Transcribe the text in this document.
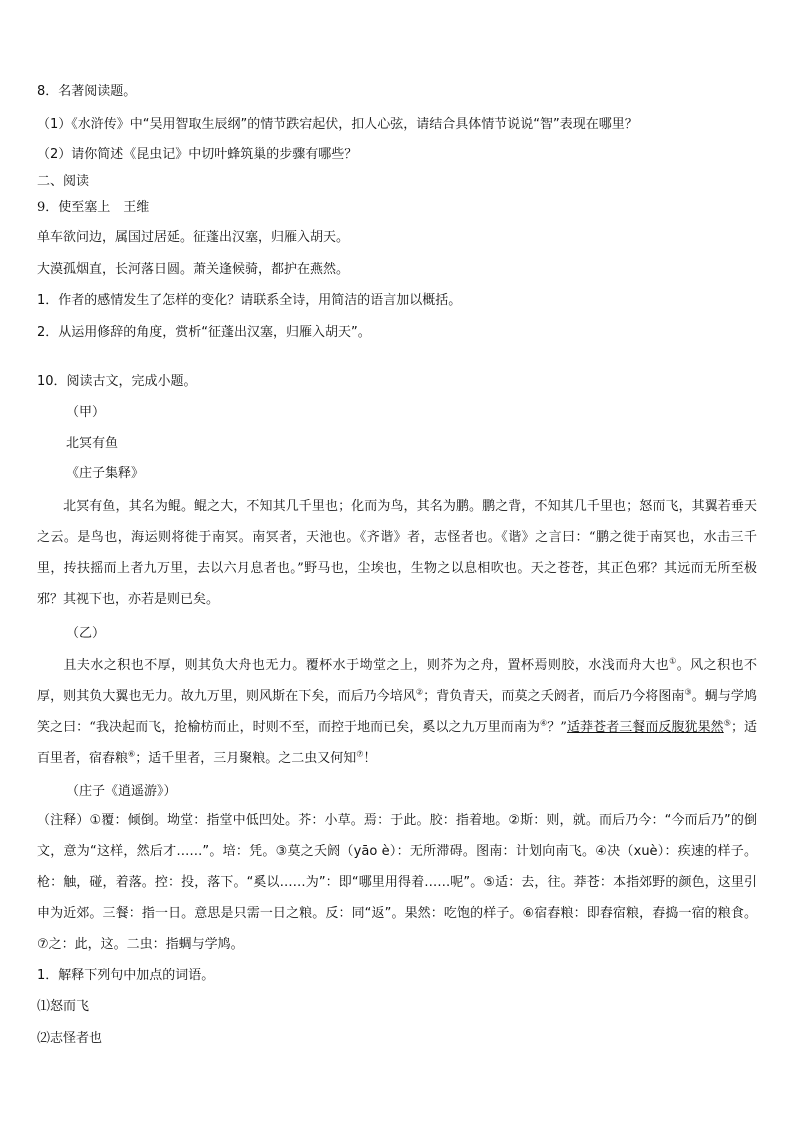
8．名著阅读题。
（1）《水浒传》中“吴用智取生辰纲”的情节跌宕起伏，扣人心弦，请结合具体情节说说“智”表现在哪里？
（2）请你简述《昆虫记》中切叶蜂筑巢的步骤有哪些？
二、阅读
9．使至塞上　王维
单车欲问边，属国过居延。征蓬出汉塞，归雁入胡天。
大漠孤烟直，长河落日圆。萧关逢候骑，都护在燕然。
1．作者的感情发生了怎样的变化？请联系全诗，用简洁的语言加以概括。
2．从运用修辞的角度，赏析“征蓬出汉塞，归雁入胡天”。
10．阅读古文，完成小题。
（甲）
北冥有鱼
《庄子集释》
北冥有鱼，其名为鲲。鲲之大，不知其几千里也；化而为鸟，其名为鹏。鹏之背，不知其几千里也；怒而飞，其翼若垂天之云。是鸟也，海运则将徙于南冥。南冥者，天池也。《齐谐》者，志怪者也。《谐》之言曰：“鹏之徙于南冥也，水击三千里，抟扶摇而上者九万里，去以六月息者也。”野马也，尘埃也，生物之以息相吹也。天之苍苍，其正色邪？其远而无所至极邪？其视下也，亦若是则已矣。
（乙）
且夫水之积也不厚，则其负大舟也无力。覆杯水于坳堂之上，则芥为之舟，置杯焉则胶，水浅而舟大也①。风之积也不厚，则其负大翼也无力。故九万里，则风斯在下矣，而后乃今培风②；背负青天，而莫之夭阏者，而后乃今将图南③。蜩与学鸠笑之曰：“我决起而飞，抢榆枋而止，时则不至，而控于地而已矣，奚以之九万里而南为④？”适莽苍者三餐而反腹犹果然⑤；适百里者，宿舂粮⑥；适千里者，三月聚粮。之二虫又何知⑦！
（庄子《逍遥游》）
（注释）①覆：倾倒。坳堂：指堂中低凹处。芥：小草。焉：于此。胶：指着地。②斯：则，就。而后乃今：“今而后乃”的倒文，意为“这样，然后才……”。培：凭。③莫之夭阏（yāo è）：无所滞碍。图南：计划向南飞。④决（xuè）：疾速的样子。枪：触，碰，着落。控：投，落下。“奚以……为”：即“哪里用得着……呢”。⑤适：去，往。莽苍：本指郊野的颜色，这里引申为近郊。三餐：指一日。意思是只需一日之粮。反：同“返”。果然：吃饱的样子。⑥宿舂粮：即舂宿粮，舂捣一宿的粮食。⑦之：此，这。二虫：指蜩与学鸠。
1．解释下列句中加点的词语。
⑴怒而飞
⑵志怪者也
